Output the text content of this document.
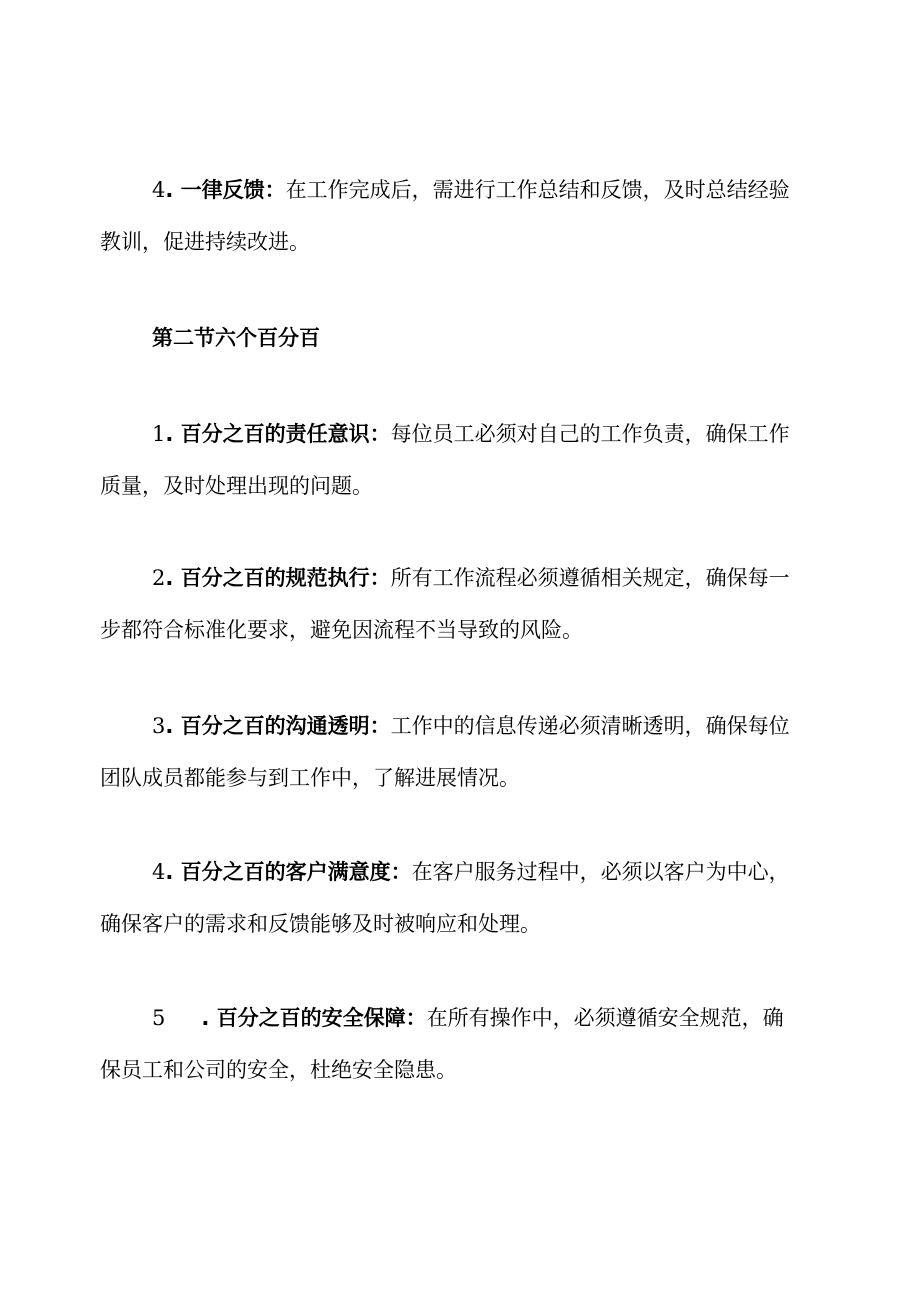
4. 一律反馈：在工作完成后，需进行工作总结和反馈，及时总结经验
教训，促进持续改进。

第二节六个百分百

1. 百分之百的责任意识：每位员工必须对自己的工作负责，确保工作
质量，及时处理出现的问题。

2. 百分之百的规范执行：所有工作流程必须遵循相关规定，确保每一
步都符合标准化要求，避免因流程不当导致的风险。

3. 百分之百的沟通透明：工作中的信息传递必须清晰透明，确保每位
团队成员都能参与到工作中，了解进展情况。

4. 百分之百的客户满意度：在客户服务过程中，必须以客户为中心，
确保客户的需求和反馈能够及时被响应和处理。

5 . 百分之百的安全保障：在所有操作中，必须遵循安全规范，确
保员工和公司的安全，杜绝安全隐患。
